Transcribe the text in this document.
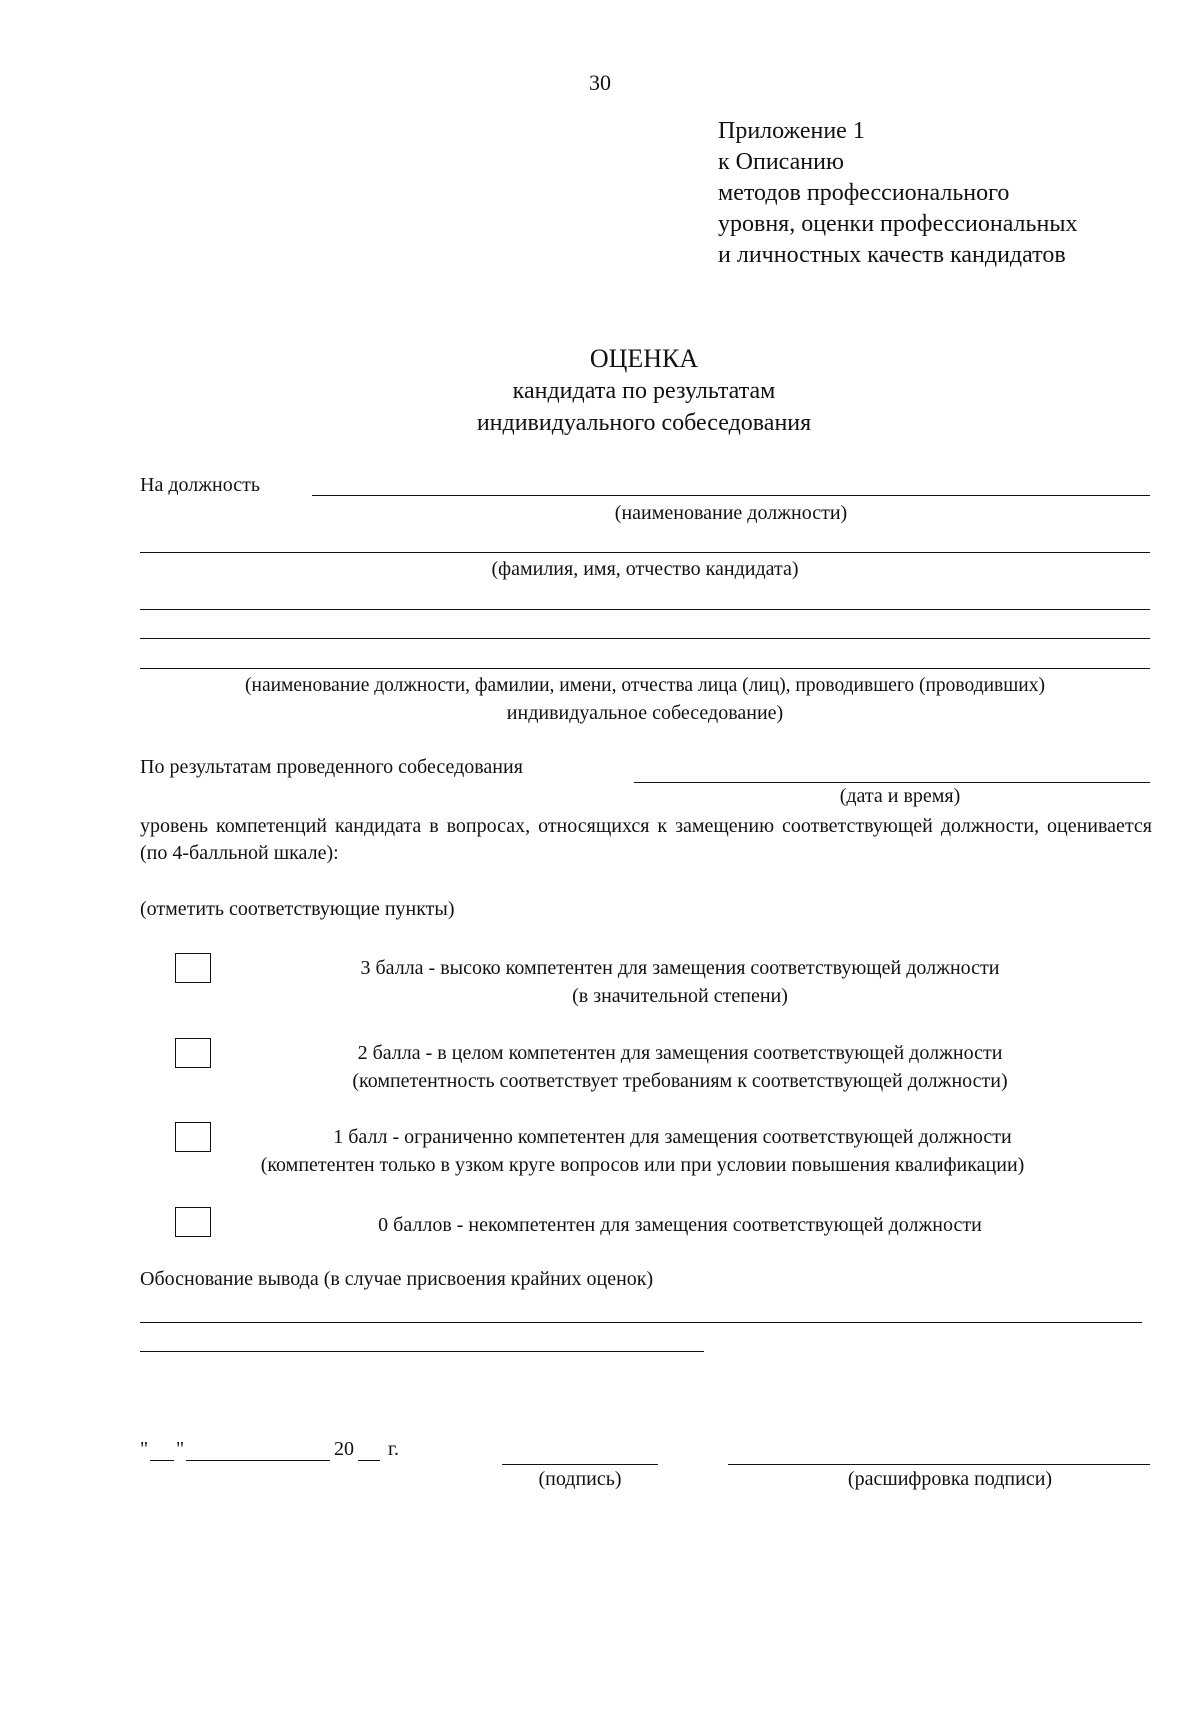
30
Приложение 1
к Описанию
методов профессионального
уровня, оценки профессиональных
и личностных качеств кандидатов
ОЦЕНКА
кандидата по результатам
индивидуального собеседования
На должность
(наименование должности)
(фамилия, имя, отчество кандидата)
(наименование должности, фамилии, имени, отчества лица (лиц), проводившего (проводивших)
индивидуальное собеседование)
По результатам проведенного собеседования
(дата и время)
уровень компетенций кандидата в вопросах, относящихся к замещению соответствующей должности, оценивается (по 4-балльной шкале):
(отметить соответствующие пункты)
3 балла - высоко компетентен для замещения соответствующей должности
(в значительной степени)
2 балла - в целом компетентен для замещения соответствующей должности
(компетентность соответствует требованиям к соответствующей должности)
1 балл - ограниченно компетентен для замещения соответствующей должности
(компетентен только в узком круге вопросов или при условии повышения квалификации)
0 баллов - некомпетентен для замещения соответствующей должности
Обоснование вывода (в случае присвоения крайних оценок)
" "	20 г.
(подпись)	(расшифровка подписи)
